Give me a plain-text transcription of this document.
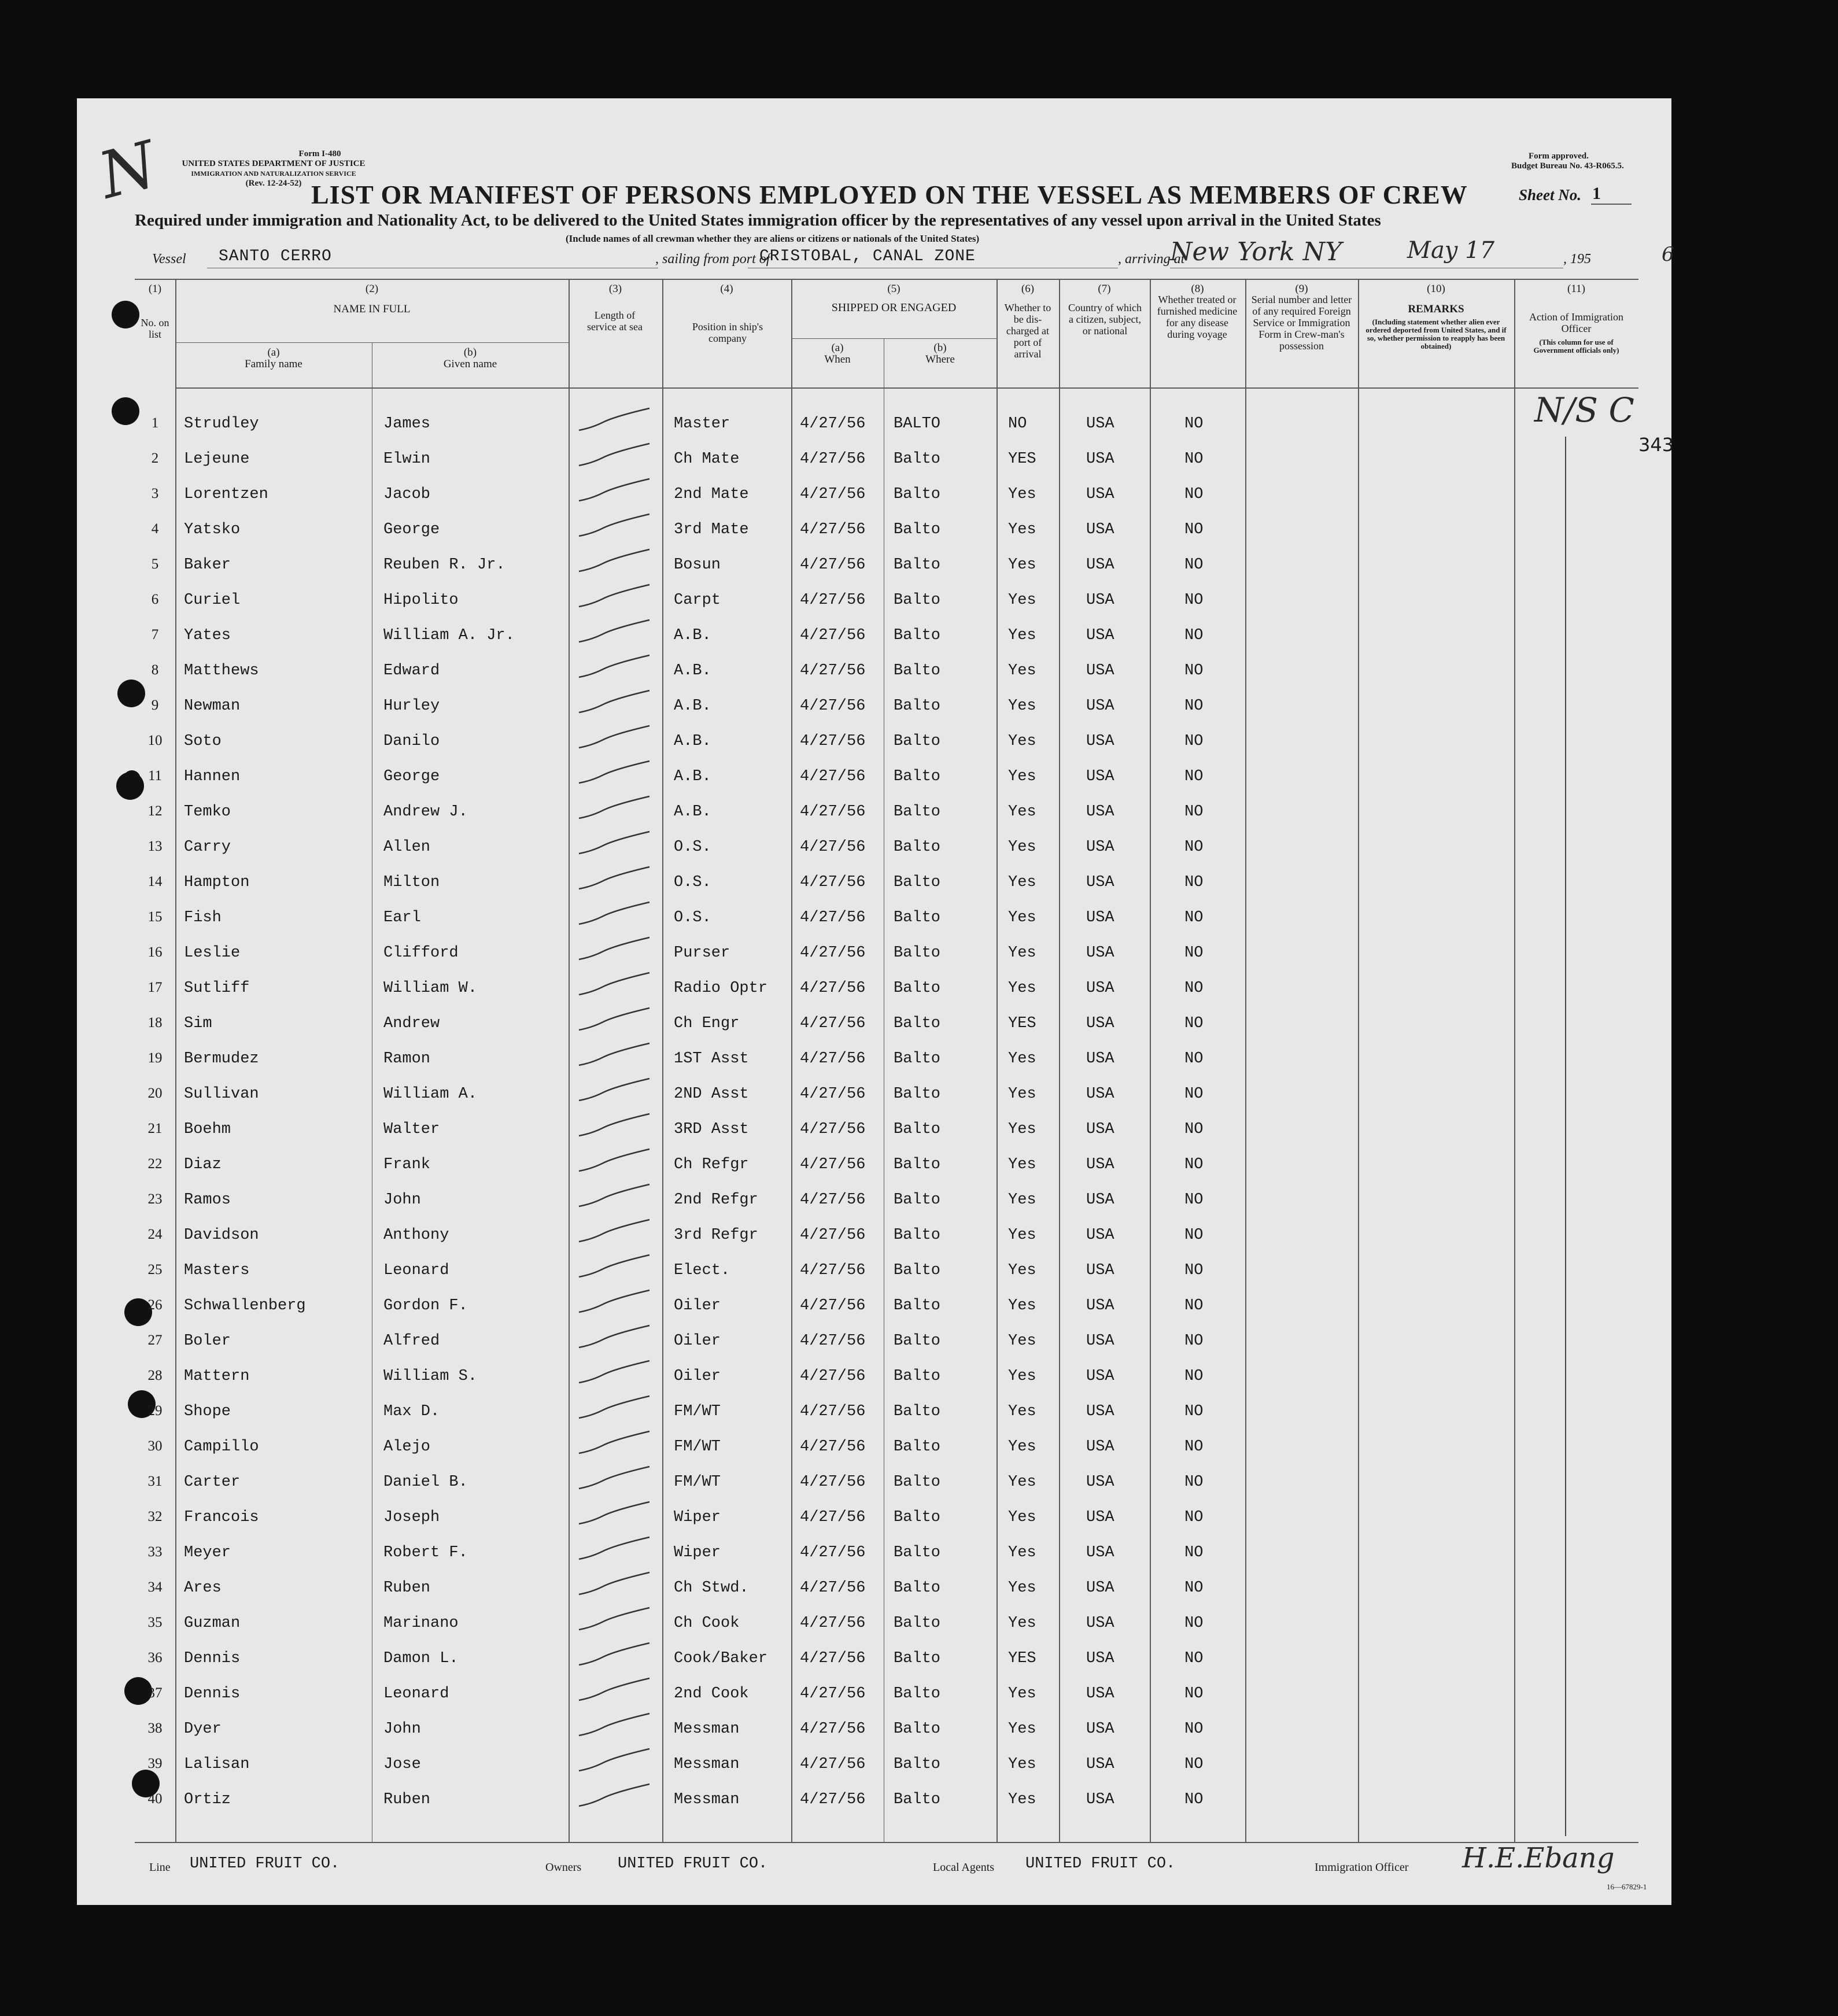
N	Form I-480
UNITED STATES DEPARTMENT OF JUSTICE
IMMIGRATION AND NATURALIZATION SERVICE
(Rev. 12-24-52)
Form approved.
Budget Bureau No. 43-R065.5.
LIST OR MANIFEST OF PERSONS EMPLOYED ON THE VESSEL AS MEMBERS OF CREW	Sheet No. 1
Required under immigration and Nationality Act, to be delivered to the United States immigration officer by the representatives of any vessel upon arrival in the United States
(Include names of all crewman whether they are aliens or citizens or nationals of the United States)
Vessel SANTO CERRO	, sailing from port of
CRISTOBAL, CANAL ZONE	, arriving at
New York NY	May 17	, 195	6
(1)
No. on list
(2)
NAME IN FULL
(a)
Family name
(b)
Given name
(3)
Length of service at sea
(4)
Position in ship's company
(5)
SHIPPED OR ENGAGED
(a)
When
(b)
Where
(6)
Whether to be dis-charged at port of arrival
(7)
Country of which a citizen, subject, or national
(8)
Whether treated or furnished medicine for any disease during voyage
(9)
Serial number and letter of any required Foreign Service or Immigration Form in Crew-man's possession
(10)
REMARKS
(Including statement whether alien ever ordered deported from United States, and if so, whether permission to reapply has been obtained)
(11)
Action of Immigration Officer
(This column for use of Government officials only)
N/S C
343
1	Strudley	James	Master	4/27/56 BALTO	NO	USA	NO
2	Lejeune	Elwin	Ch Mate	4/27/56 Balto	YES	USA	NO
3	Lorentzen	Jacob	2nd Mate	4/27/56 Balto	Yes	USA	NO
4	Yatsko	George	3rd Mate	4/27/56 Balto	Yes	USA	NO
5	Baker	Reuben R. Jr.	Bosun	4/27/56 Balto	Yes	USA	NO
6	Curiel	Hipolito	Carpt	4/27/56 Balto	Yes	USA	NO
7	Yates	William A. Jr.	A.B.	4/27/56 Balto	Yes	USA	NO
8	Matthews	Edward	A.B.	4/27/56 Balto	Yes	USA	NO
9	Newman	Hurley	A.B.	4/27/56 Balto	Yes	USA	NO
10	Soto	Danilo	A.B.	4/27/56 Balto	Yes	USA	NO
11	Hannen	George	A.B.	4/27/56 Balto	Yes	USA	NO
12	Temko	Andrew J.	A.B.	4/27/56 Balto	Yes	USA	NO
13	Carry	Allen	O.S.	4/27/56 Balto	Yes	USA	NO
14	Hampton	Milton	O.S.	4/27/56 Balto	Yes	USA	NO
15	Fish	Earl	O.S.	4/27/56 Balto	Yes	USA	NO
16	Leslie	Clifford	Purser	4/27/56 Balto	Yes	USA	NO
17	Sutliff	William W.	Radio Optr 4/27/56 Balto	Yes	USA	NO
18	Sim	Andrew	Ch Engr	4/27/56 Balto	YES	USA	NO
19	Bermudez	Ramon	1ST Asst	4/27/56 Balto	Yes	USA	NO
20	Sullivan	William A.	2ND Asst	4/27/56 Balto	Yes	USA	NO
21	Boehm	Walter	3RD Asst	4/27/56 Balto	Yes	USA	NO
22	Diaz	Frank	Ch Refgr	4/27/56 Balto	Yes	USA	NO
23	Ramos	John	2nd Refgr	4/27/56 Balto	Yes	USA	NO
24	Davidson	Anthony	3rd Refgr	4/27/56 Balto	Yes	USA	NO
25	Masters	Leonard	Elect.	4/27/56 Balto	Yes	USA	NO
26	Schwallenberg	Gordon F.	Oiler	4/27/56 Balto	Yes	USA	NO
27	Boler	Alfred	Oiler	4/27/56 Balto	Yes	USA	NO
28	Mattern	William S.	Oiler	4/27/56 Balto	Yes	USA	NO
29	Shope	Max D.	FM/WT	4/27/56 Balto	Yes	USA	NO
30	Campillo	Alejo	FM/WT	4/27/56 Balto	Yes	USA	NO
31	Carter	Daniel B.	FM/WT	4/27/56 Balto	Yes	USA	NO
32	Francois	Joseph	Wiper	4/27/56 Balto	Yes	USA	NO
33	Meyer	Robert F.	Wiper	4/27/56 Balto	Yes	USA	NO
34	Ares	Ruben	Ch Stwd.	4/27/56 Balto	Yes	USA	NO
35	Guzman	Marinano	Ch Cook	4/27/56 Balto	Yes	USA	NO
36	Dennis	Damon L.	Cook/Baker 4/27/56 Balto	YES	USA	NO
37	Dennis	Leonard	2nd Cook	4/27/56 Balto	Yes	USA	NO
38	Dyer	John	Messman	4/27/56 Balto	Yes	USA	NO
39	Lalisan	Jose	Messman	4/27/56 Balto	Yes	USA	NO
40	Ortiz	Ruben	Messman	4/27/56 Balto	Yes	USA	NO
Line UNITED FRUIT CO.	Owners UNITED FRUIT CO.	Local Agents UNITED FRUIT CO.	Immigration Officer H.E.Ebang
16—67829-1
